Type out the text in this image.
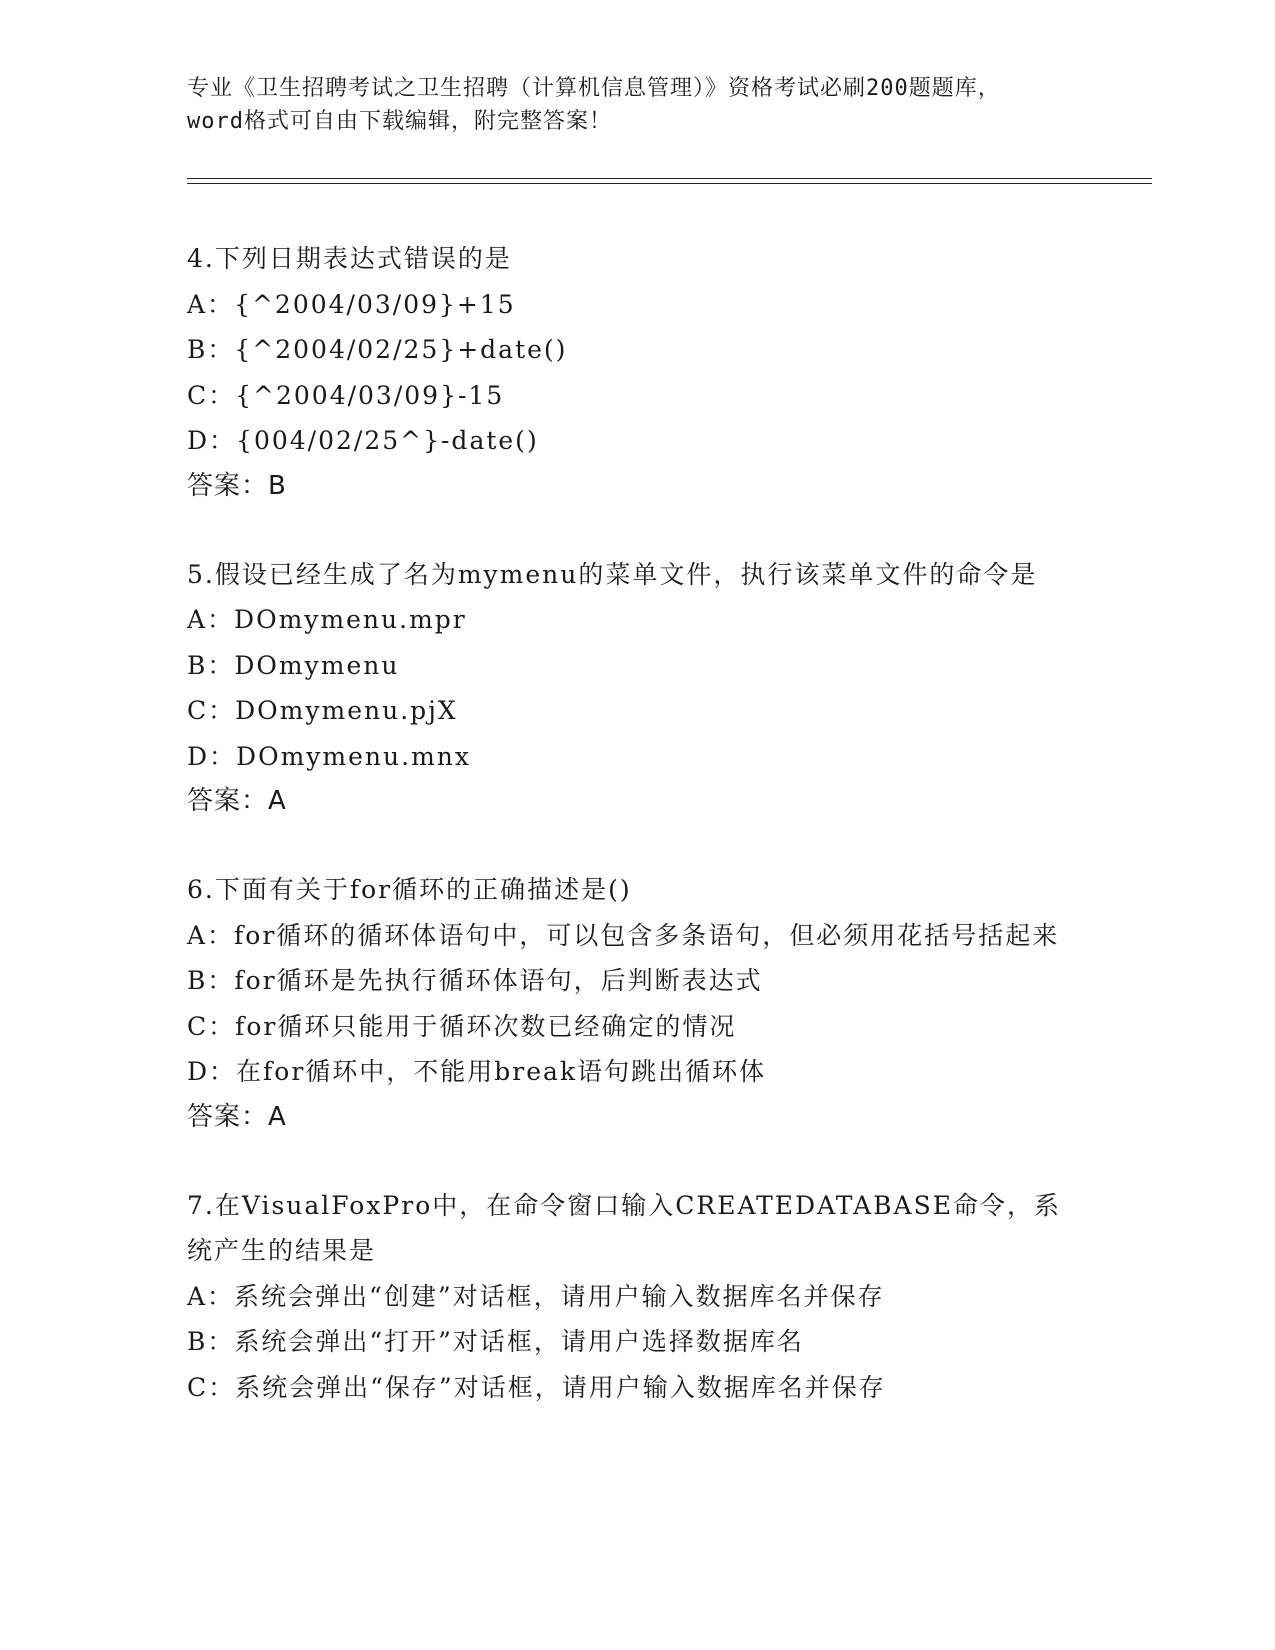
专业《卫生招聘考试之卫生招聘（计算机信息管理）》资格考试必刷200题题库，
word格式可自由下载编辑，附完整答案！
4.下列日期表达式错误的是
A：{^2004/03/09}+15
B：{^2004/02/25}+date()
C：{^2004/03/09}-15
D：{004/02/25^}-date()
答案：B
5.假设已经生成了名为mymenu的菜单文件，执行该菜单文件的命令是
A：DOmymenu.mpr
B：DOmymenu
C：DOmymenu.pjX
D：DOmymenu.mnx
答案：A
6.下面有关于for循环的正确描述是()
A：for循环的循环体语句中，可以包含多条语句，但必须用花括号括起来
B：for循环是先执行循环体语句，后判断表达式
C：for循环只能用于循环次数已经确定的情况
D：在for循环中，不能用break语句跳出循环体
答案：A
7.在VisualFoxPro中，在命令窗口输入CREATEDATABASE命令，系统产生的结果是
A：系统会弹出“创建”对话框，请用户输入数据库名并保存
B：系统会弹出“打开”对话框，请用户选择数据库名
C：系统会弹出“保存”对话框，请用户输入数据库名并保存
